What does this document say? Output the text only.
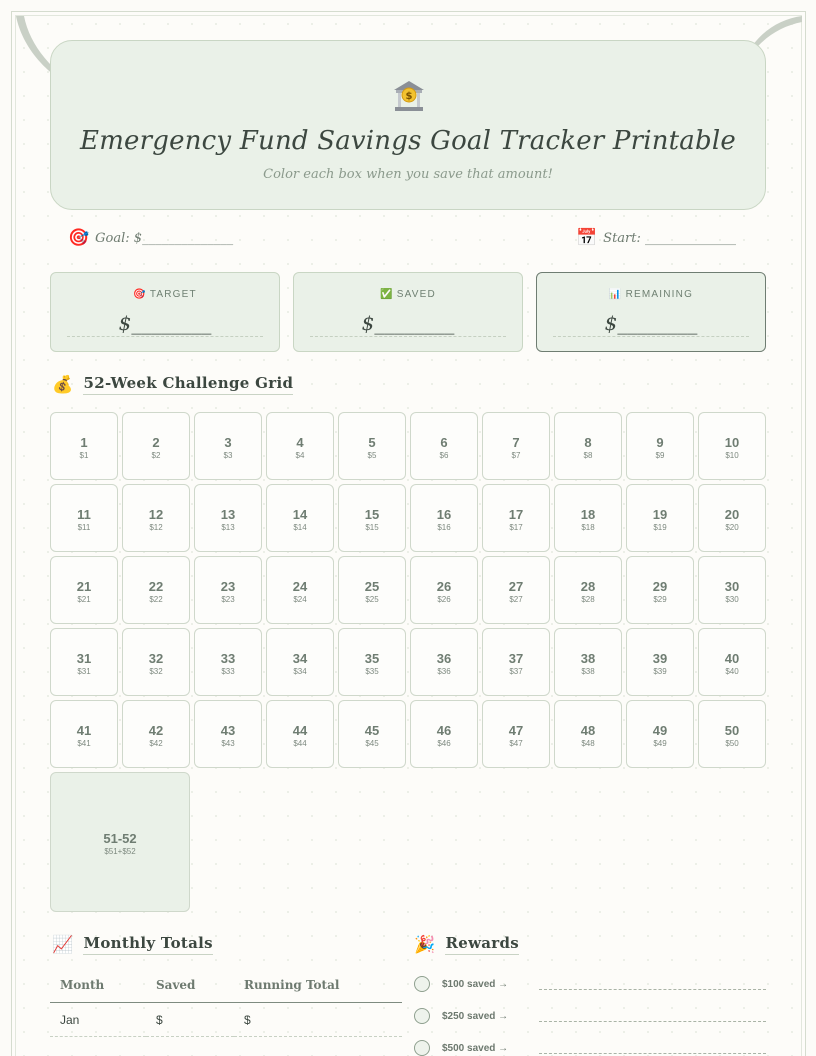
$
Emergency Fund Savings Goal Tracker Printable
Color each box when you save that amount!
🎯 Goal: $______________	📅 Start: ______________
🎯 TARGET
$________
✅ SAVED
$________
📊 REMAINING
$________
💰 52-Week Challenge Grid
1
$1
2
$2
3
$3
4
$4
5
$5
6
$6
7
$7
8
$8
9
$9
10
$10
11
$11
12
$12
13
$13
14
$14
15
$15
16
$16
17
$17
18
$18
19
$19
20
$20
21
$21
22
$22
23
$23
24
$24
25
$25
26
$26
27
$27
28
$28
29
$29
30
$30
31
$31
32
$32
33
$33
34
$34
35
$35
36
$36
37
$37
38
$38
39
$39
40
$40
41
$41
42
$42
43
$43
44
$44
45
$45
46
$46
47
$47
48
$48
49
$49
50
$50
51-52
$51+$52
📈 Monthly Totals
Month	Saved	Running Total
Jan	$	$

🎉 Rewards
$100 saved →
$250 saved →
$500 saved →
